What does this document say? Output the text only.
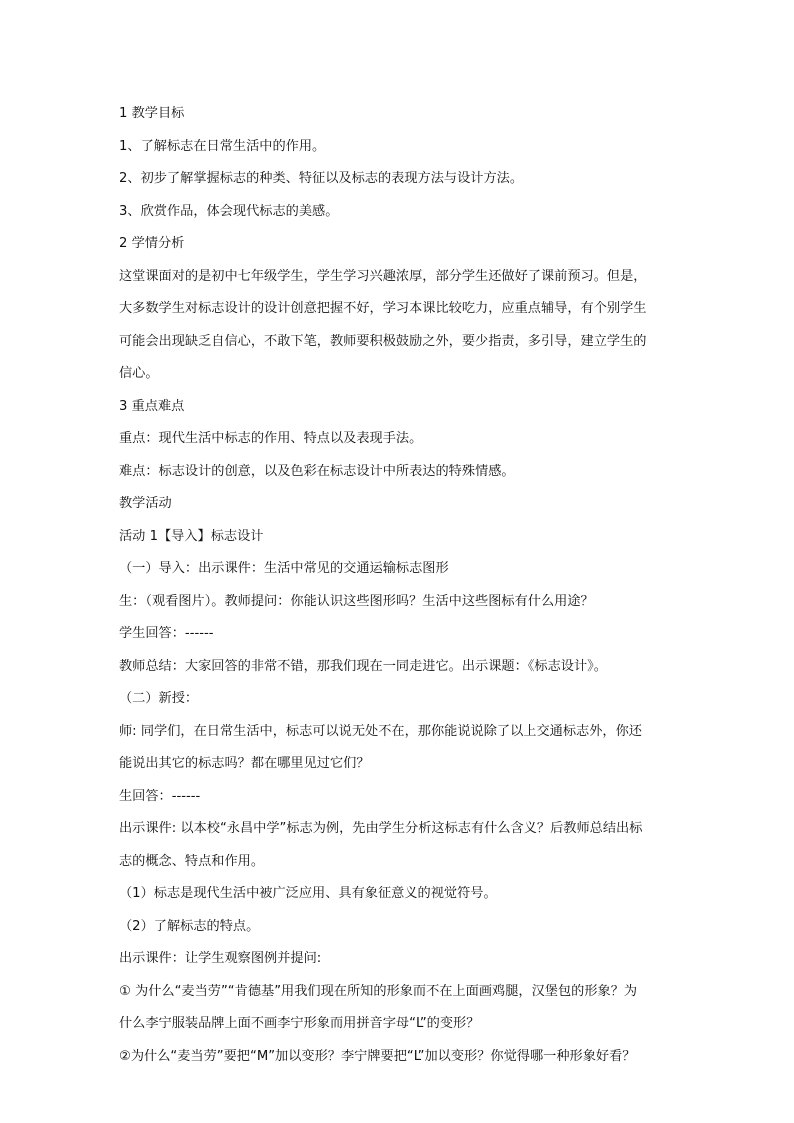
1 教学目标

1、了解标志在日常生活中的作用。

2、初步了解掌握标志的种类、特征以及标志的表现方法与设计方法。

3、欣赏作品，体会现代标志的美感。

2 学情分析

这堂课面对的是初中七年级学生，学生学习兴趣浓厚，部分学生还做好了课前预习。但是，

大多数学生对标志设计的设计创意把握不好，学习本课比较吃力，应重点辅导，有个别学生

可能会出现缺乏自信心，不敢下笔，教师要积极鼓励之外，要少指责，多引导，建立学生的

信心。

3 重点难点

重点：现代生活中标志的作用、特点以及表现手法。

难点：标志设计的创意，以及色彩在标志设计中所表达的特殊情感。

教学活动

活动 1【导入】标志设计

（一）导入：出示课件：生活中常见的交通运输标志图形

生：（观看图片）。教师提问：你能认识这些图形吗？生活中这些图标有什么用途？

学生回答：------

教师总结：大家回答的非常不错，那我们现在一同走进它。出示课题：《标志设计》。

（二）新授：

师: 同学们，在日常生活中，标志可以说无处不在，那你能说说除了以上交通标志外，你还

能说出其它的标志吗？都在哪里见过它们？

生回答：------

出示课件: 以本校“永昌中学”标志为例，先由学生分析这标志有什么含义？后教师总结出标

志的概念、特点和作用。

（1）标志是现代生活中被广泛应用、具有象征意义的视觉符号。

（2）了解标志的特点。

出示课件：让学生观察图例并提问:

① 为什么“麦当劳”“肯德基”用我们现在所知的形象而不在上面画鸡腿，汉堡包的形象？为

什么李宁服装品牌上面不画李宁形象而用拼音字母“L”的变形？

②为什么“麦当劳”要把“M”加以变形？李宁牌要把“L”加以变形？你觉得哪一种形象好看？
